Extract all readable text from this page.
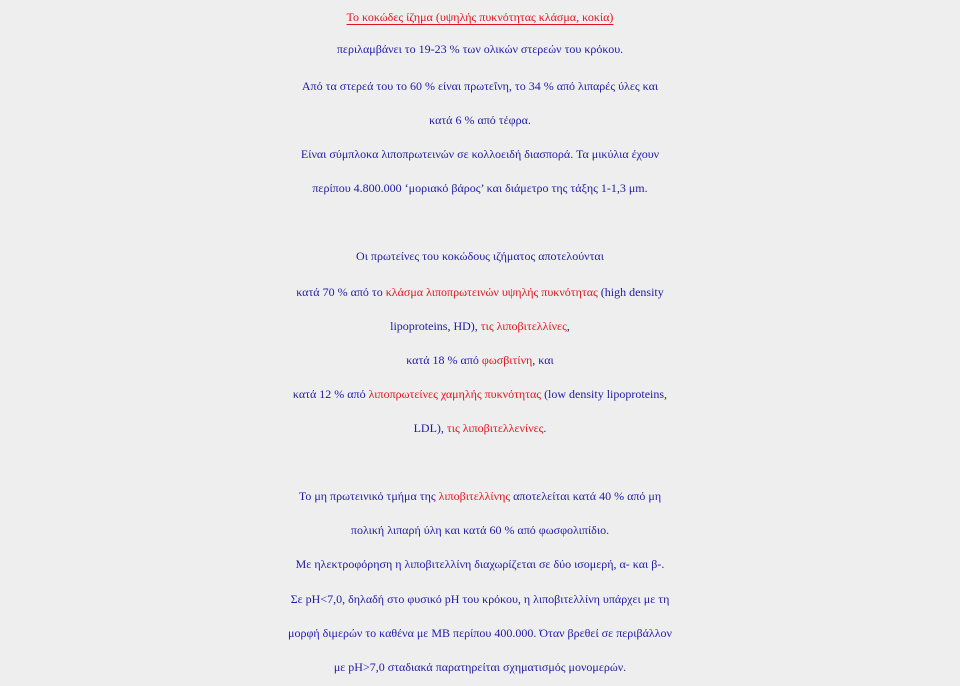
Το κοκώδες ίζημα (υψηλής πυκνότητας κλάσμα, κοκία)
περιλαμβάνει το 19-23 % των ολικών στερεών του κρόκου.
Από τα στερεά του το 60 % είναι πρωτεΐνη, το 34 % από λιπαρές ύλες και
κατά 6 % από τέφρα.
Είναι σύμπλοκα λιποπρωτεινών σε κολλοειδή διασπορά. Τα μικύλια έχουν
περίπου 4.800.000 ‘μοριακό βάρος’ και διάμετρο της τάξης 1-1,3 μm.
Οι πρωτείνες του κοκώδους ιζήματος αποτελούνται
κατά 70 % από το κλάσμα λιποπρωτεινών υψηλής πυκνότητας (high density
lipoproteins, HD), τις λιποβιτελλίνες,
κατά 18 % από φωσβιτίνη, και
κατά 12 % από λιποπρωτείνες χαμηλής πυκνότητας (low density lipoproteins,
LDL), τις λιποβιτελλενίνες.
Το μη πρωτεινικό τμήμα της λιποβιτελλίνης αποτελείται κατά 40 % από μη
πολική λιπαρή ύλη και κατά 60 % από φωσφολιπίδιο.
Με ηλεκτροφόρηση η λιποβιτελλίνη διαχωρίζεται σε δύο ισομερή, α- και β-.
Σε pH<7,0, δηλαδή στο φυσικό pH του κρόκου, η λιποβιτελλίνη υπάρχει με τη
μορφή διμερών το καθένα με ΜΒ περίπου 400.000. Όταν βρεθεί σε περιβάλλον
με pH>7,0 σταδιακά παρατηρείται σχηματισμός μονομερών.
